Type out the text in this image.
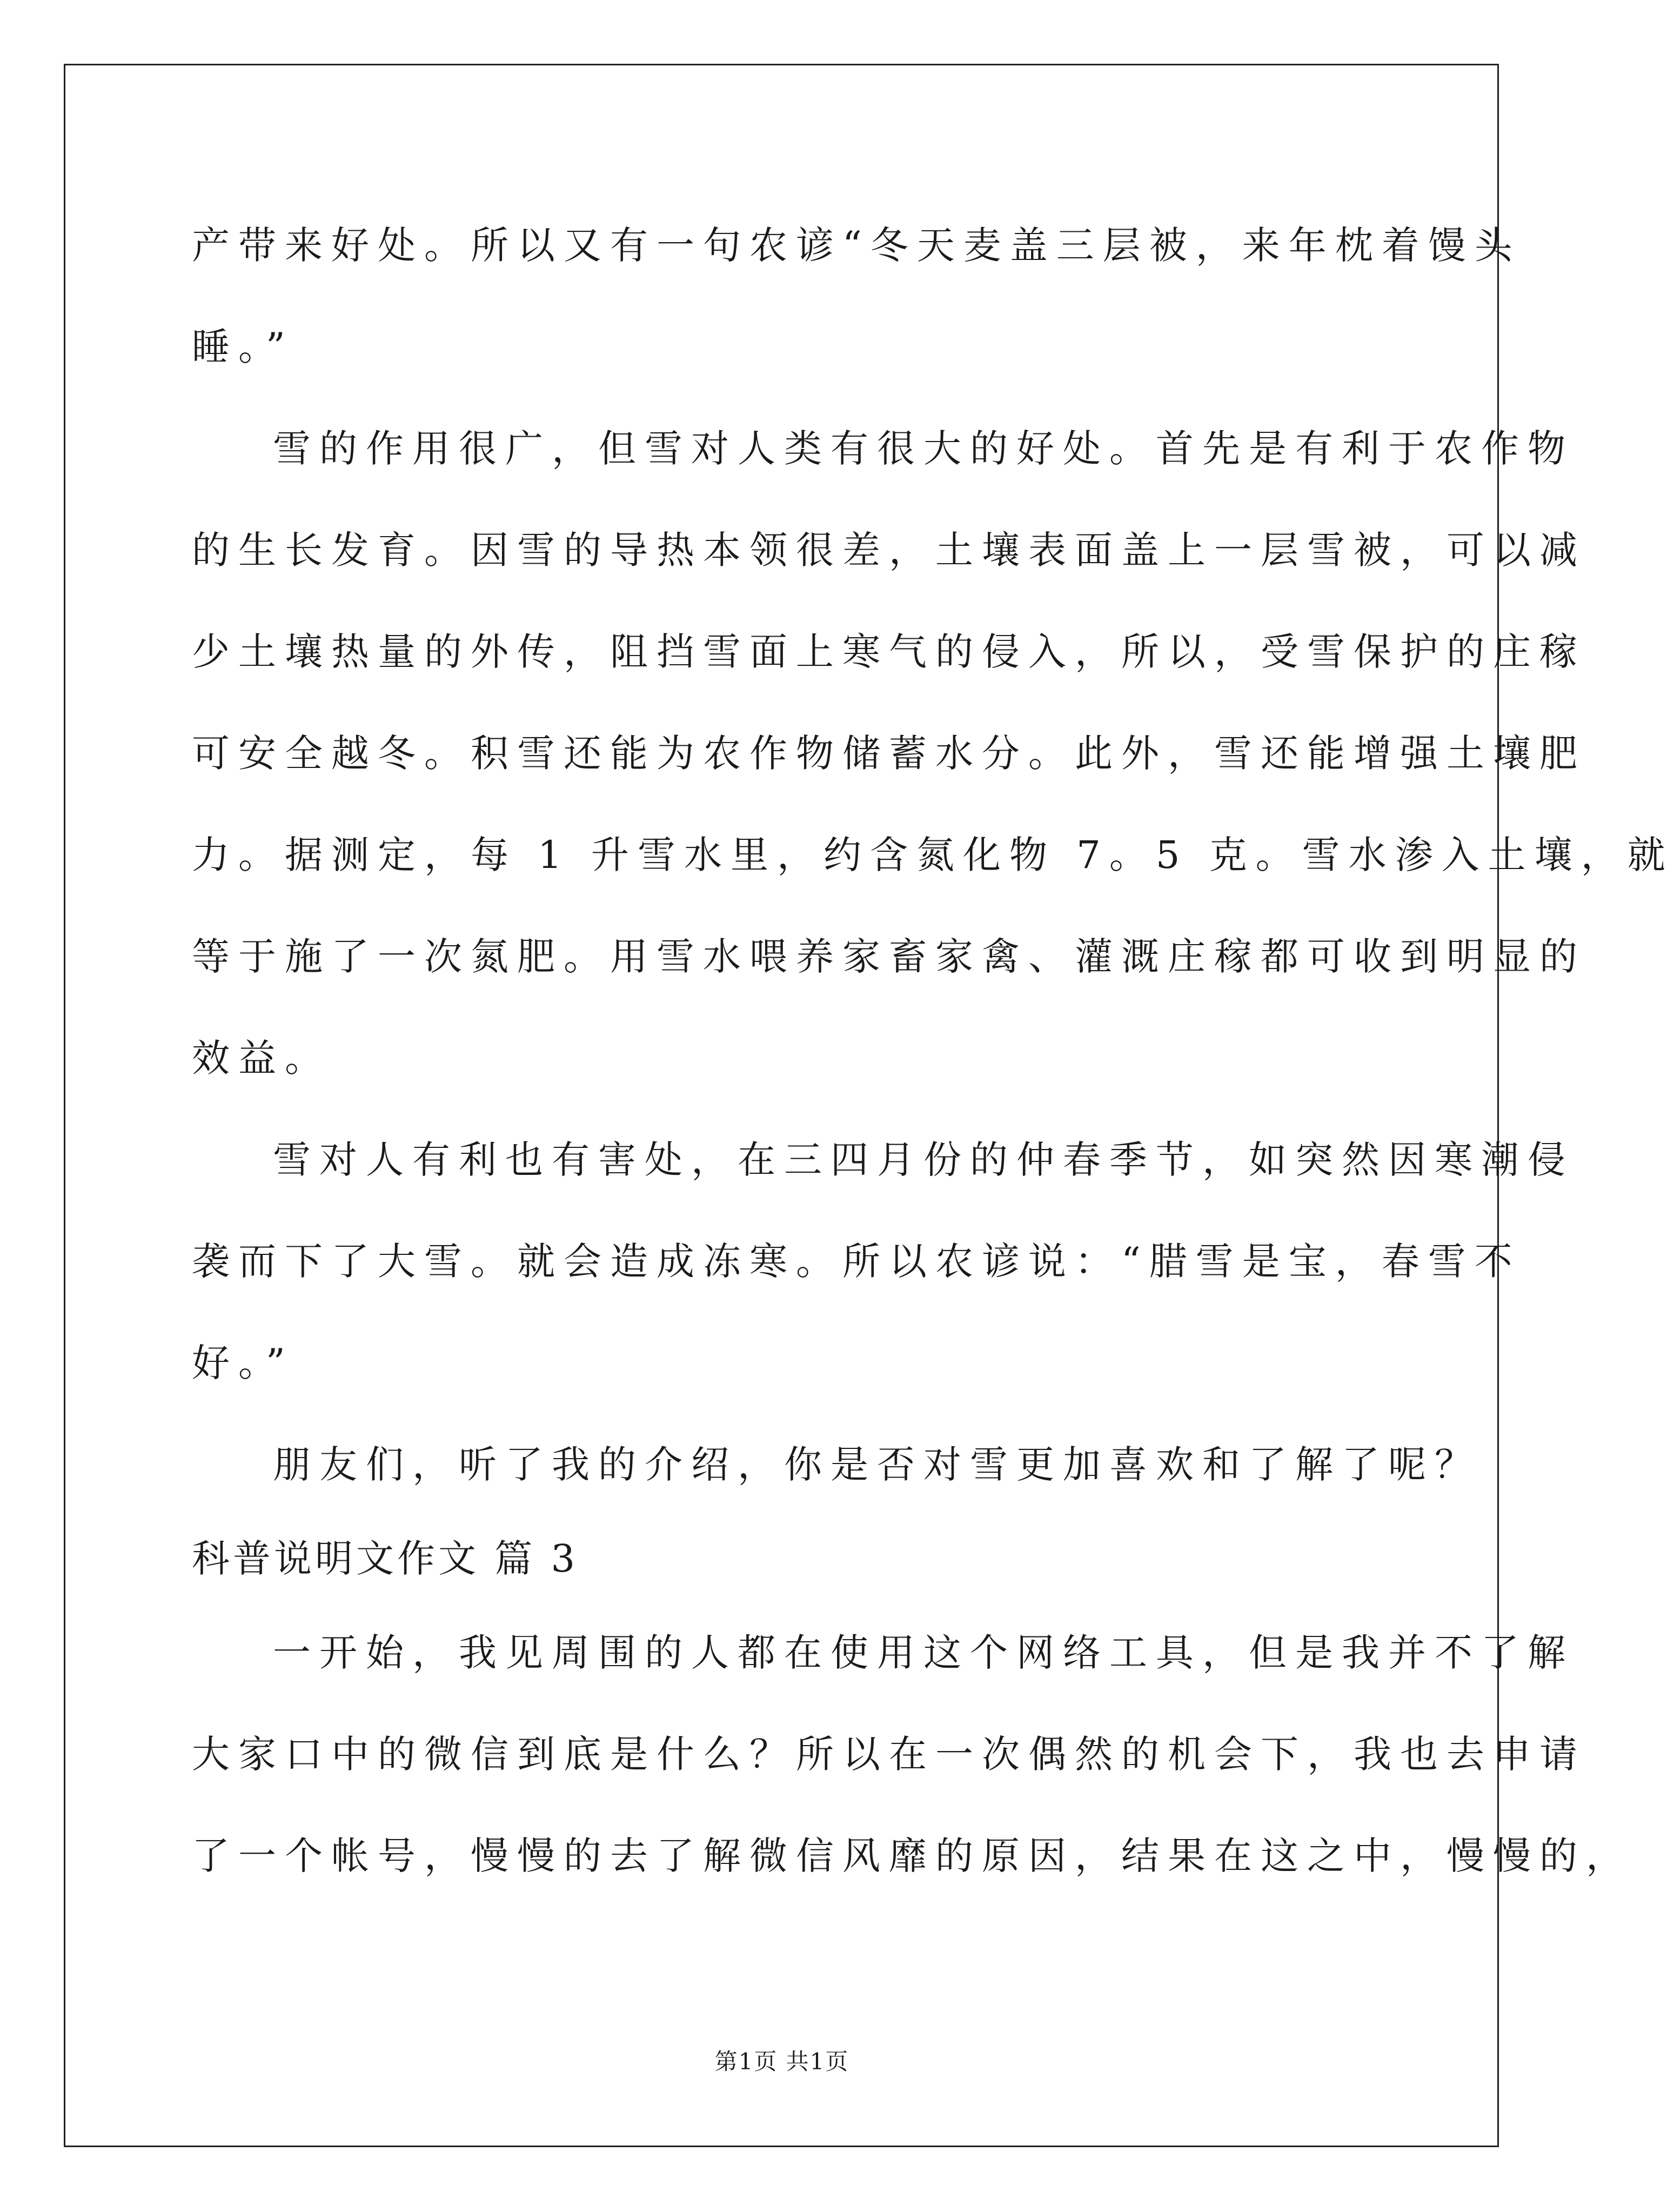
产带来好处。所以又有一句农谚“冬天麦盖三层被，来年枕着馒头
睡。”
雪的作用很广，但雪对人类有很大的好处。首先是有利于农作物
的生长发育。因雪的导热本领很差，土壤表面盖上一层雪被，可以减
少土壤热量的外传，阻挡雪面上寒气的侵入，所以，受雪保护的庄稼
可安全越冬。积雪还能为农作物储蓄水分。此外，雪还能增强土壤肥
力。据测定，每 1 升雪水里，约含氮化物 7。5 克。雪水渗入土壤，就
等于施了一次氮肥。用雪水喂养家畜家禽、灌溉庄稼都可收到明显的
效益。
雪对人有利也有害处，在三四月份的仲春季节，如突然因寒潮侵
袭而下了大雪。就会造成冻寒。所以农谚说：“腊雪是宝，春雪不
好。”
朋友们，听了我的介绍，你是否对雪更加喜欢和了解了呢？
科普说明文作文 篇 3
一开始，我见周围的人都在使用这个网络工具，但是我并不了解
大家口中的微信到底是什么？所以在一次偶然的机会下，我也去申请
了一个帐号，慢慢的去了解微信风靡的原因，结果在这之中，慢慢的，
第1页 共1页
